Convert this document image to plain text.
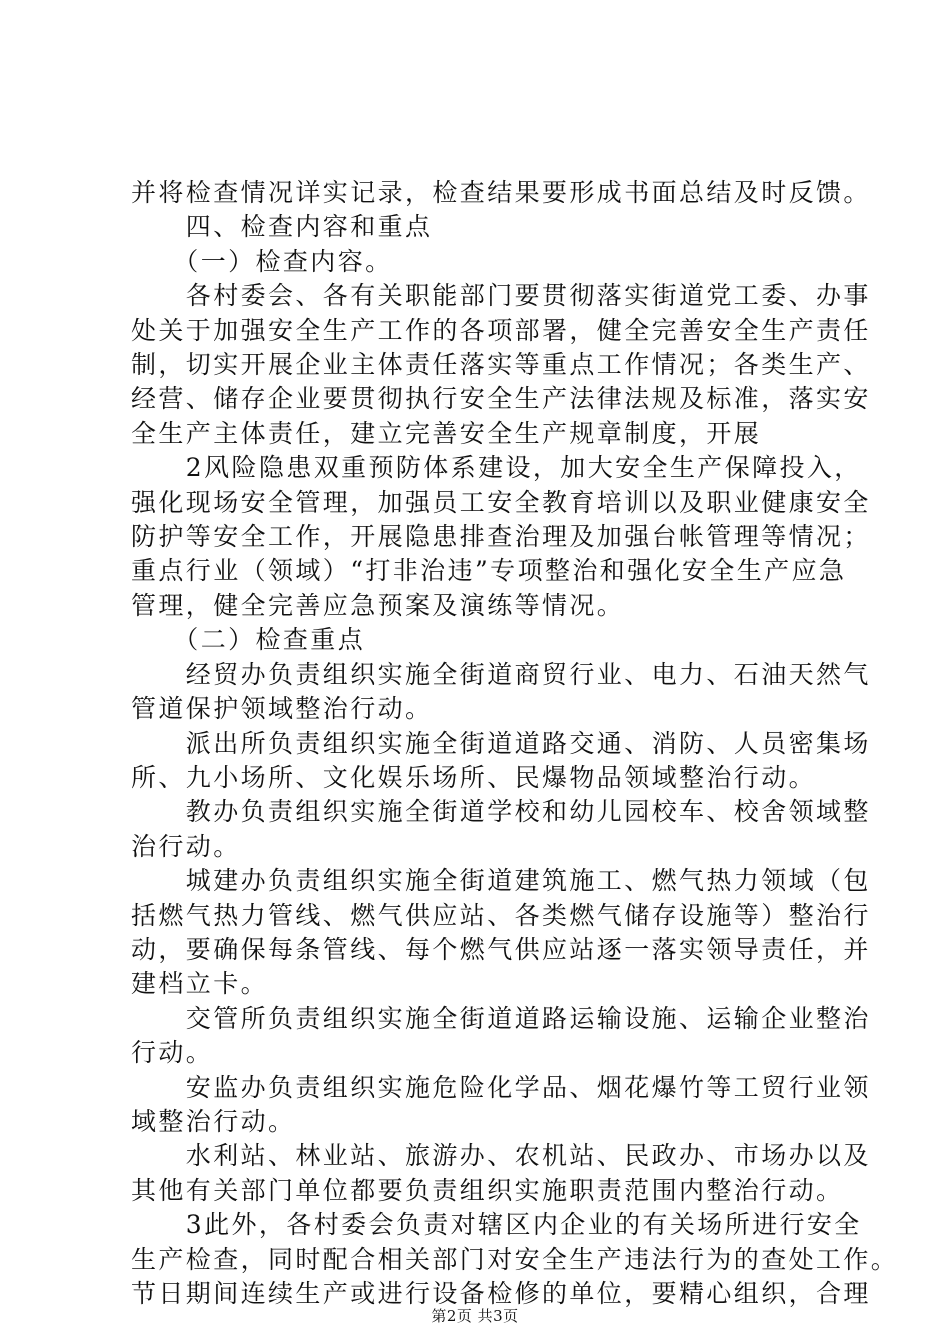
并将检查情况详实记录，检查结果要形成书面总结及时反馈。

　　四、检查内容和重点

　　（一）检查内容。

　　各村委会、各有关职能部门要贯彻落实街道党工委、办事

处关于加强安全生产工作的各项部署，健全完善安全生产责任

制，切实开展企业主体责任落实等重点工作情况；各类生产、

经营、储存企业要贯彻执行安全生产法律法规及标准，落实安

全生产主体责任，建立完善安全生产规章制度，开展

　　2风险隐患双重预防体系建设，加大安全生产保障投入，

强化现场安全管理，加强员工安全教育培训以及职业健康安全

防护等安全工作，开展隐患排查治理及加强台帐管理等情况；

重点行业（领域）“打非治违”专项整治和强化安全生产应急

管理，健全完善应急预案及演练等情况。

　　（二）检查重点

　　经贸办负责组织实施全街道商贸行业、电力、石油天然气

管道保护领域整治行动。

　　派出所负责组织实施全街道道路交通、消防、人员密集场

所、九小场所、文化娱乐场所、民爆物品领域整治行动。

　　教办负责组织实施全街道学校和幼儿园校车、校舍领域整

治行动。

　　城建办负责组织实施全街道建筑施工、燃气热力领域（包

括燃气热力管线、燃气供应站、各类燃气储存设施等）整治行

动，要确保每条管线、每个燃气供应站逐一落实领导责任，并

建档立卡。

　　交管所负责组织实施全街道道路运输设施、运输企业整治

行动。

　　安监办负责组织实施危险化学品、烟花爆竹等工贸行业领

域整治行动。

　　水利站、林业站、旅游办、农机站、民政办、市场办以及

其他有关部门单位都要负责组织实施职责范围内整治行动。

　　3此外，各村委会负责对辖区内企业的有关场所进行安全

生产检查，同时配合相关部门对安全生产违法行为的查处工作。

节日期间连续生产或进行设备检修的单位，要精心组织，合理

第2页 共3页
